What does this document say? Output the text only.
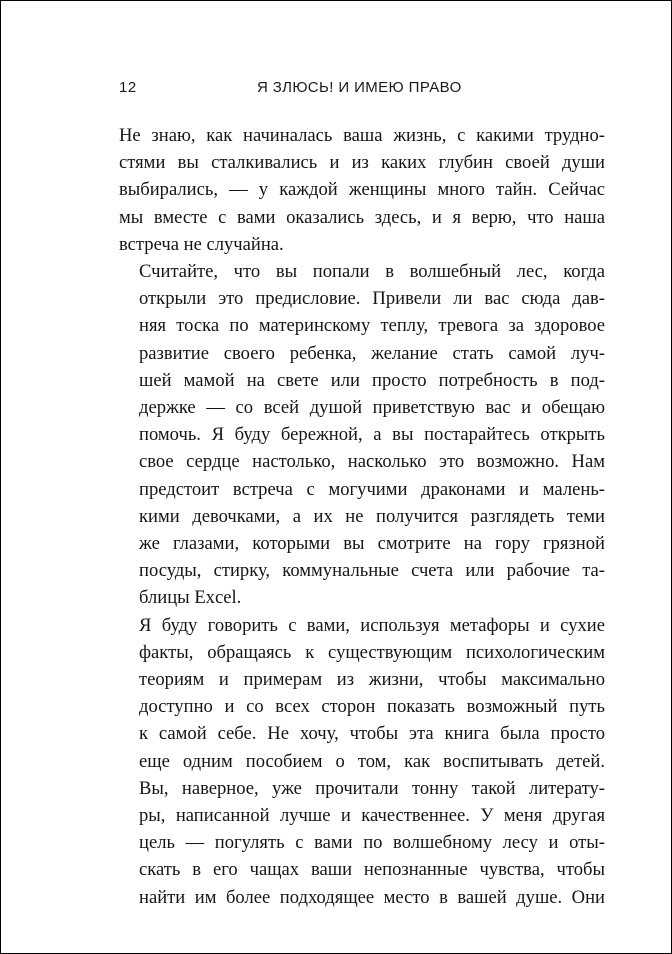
12	Я ЗЛЮСЬ! И ИМЕЮ ПРАВО

Не знаю, как начиналась ваша жизнь, с какими трудно-
стями вы сталкивались и из каких глубин своей души
выбирались, — у каждой женщины много тайн. Сейчас
мы вместе с вами оказались здесь, и я верю, что наша
встреча не случайна.

Считайте, что вы попали в волшебный лес, когда
открыли это предисловие. Привели ли вас сюда дав-
няя тоска по материнскому теплу, тревога за здоровое
развитие своего ребенка, желание стать самой луч-
шей мамой на свете или просто потребность в под-
держке — со всей душой приветствую вас и обещаю
помочь. Я буду бережной, а вы постарайтесь открыть
свое сердце настолько, насколько это возможно. Нам
предстоит встреча с могучими драконами и малень-
кими девочками, а их не получится разглядеть теми
же глазами, которыми вы смотрите на гору грязной
посуды, стирку, коммунальные счета или рабочие та-
блицы Excel.

Я буду говорить с вами, используя метафоры и сухие
факты, обращаясь к существующим психологическим
теориям и примерам из жизни, чтобы максимально
доступно и со всех сторон показать возможный путь
к самой себе. Не хочу, чтобы эта книга была просто
еще одним пособием о том, как воспитывать детей.
Вы, наверное, уже прочитали тонну такой литерату-
ры, написанной лучше и качественнее. У меня другая
цель — погулять с вами по волшебному лесу и оты-
скать в его чащах ваши непознанные чувства, чтобы
найти им более подходящее место в вашей душе. Они
